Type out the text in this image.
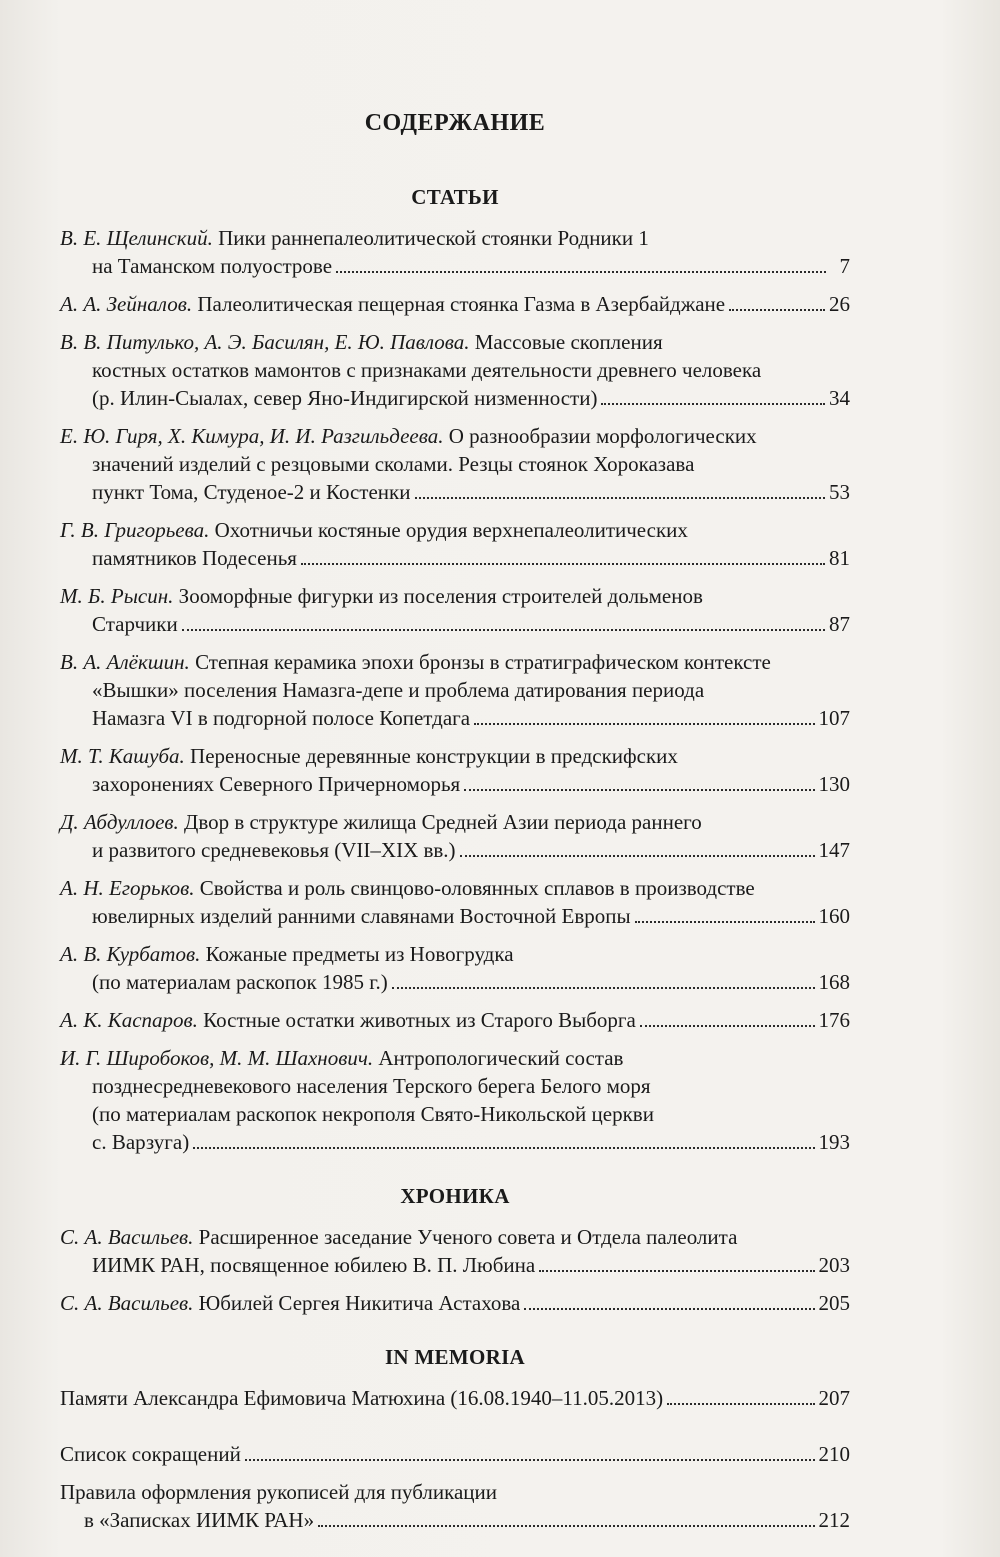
СОДЕРЖАНИЕ
СТАТЬИ
В. Е. Щелинский. Пики раннепалеолитической стоянки Родники 1
на Таманском полуострове	7
А. А. Зейналов. Палеолитическая пещерная стоянка Газма в Азербайджане	26
В. В. Питулько, А. Э. Басилян, Е. Ю. Павлова. Массовые скопления
костных остатков мамонтов с признаками деятельности древнего человека
(р. Илин-Сыалах, север Яно-Индигирской низменности)	34
Е. Ю. Гиря, Х. Кимура, И. И. Разгильдеева. О разнообразии морфологических
значений изделий с резцовыми сколами. Резцы стоянок Хороказава
пункт Тома, Студеное-2 и Костенки	53
Г. В. Григорьева. Охотничьи костяные орудия верхнепалеолитических
памятников Подесенья	81
М. Б. Рысин. Зооморфные фигурки из поселения строителей дольменов
Старчики	87
В. А. Алёкшин. Степная керамика эпохи бронзы в стратиграфическом контексте
«Вышки» поселения Намазга-депе и проблема датирования периода
Намазга VI в подгорной полосе Копетдага	107
М. Т. Кашуба. Переносные деревянные конструкции в предскифских
захоронениях Северного Причерноморья	130
Д. Абдуллоев. Двор в структуре жилища Средней Азии периода раннего
и развитого средневековья (VII–XIX вв.)	147
А. Н. Егорьков. Свойства и роль свинцово-оловянных сплавов в производстве
ювелирных изделий ранними славянами Восточной Европы	160
А. В. Курбатов. Кожаные предметы из Новогрудка
(по материалам раскопок 1985 г.)	168
А. К. Каспаров. Костные остатки животных из Старого Выборга	176
И. Г. Широбоков, М. М. Шахнович. Антропологический состав
позднесредневекового населения Терского берега Белого моря
(по материалам раскопок некрополя Свято-Никольской церкви
с. Варзуга)	193
ХРОНИКА
С. А. Васильев. Расширенное заседание Ученого совета и Отдела палеолита
ИИМК РАН, посвященное юбилею В. П. Любина	203
С. А. Васильев. Юбилей Сергея Никитича Астахова	205
IN MEMORIA
Памяти Александра Ефимовича Матюхина (16.08.1940–11.05.2013)	207
Список сокращений	210
Правила оформления рукописей для публикации
в «Записках ИИМК РАН»	212
